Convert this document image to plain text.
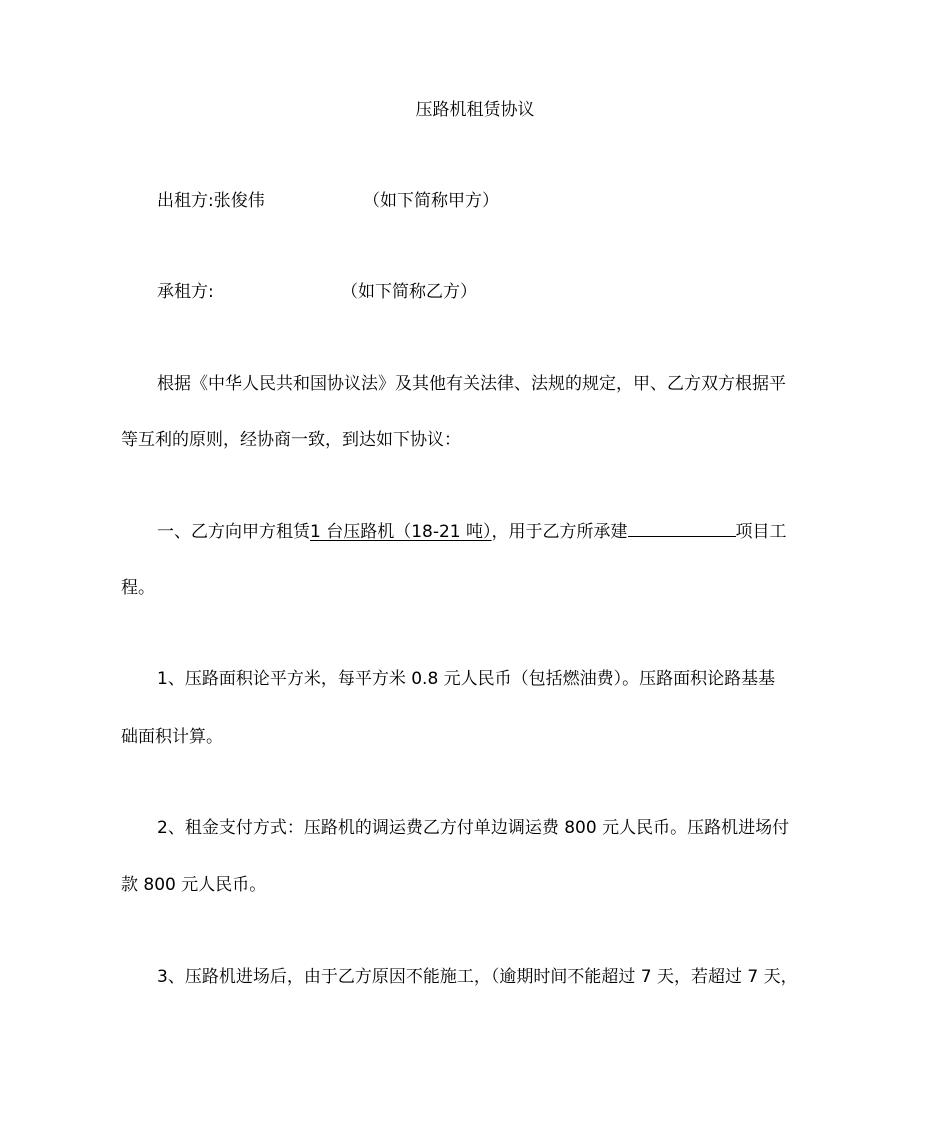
压路机租赁协议
出租方:张俊伟	（如下简称甲方）
承租方:	（如下简称乙方）
根据《中华人民共和国协议法》及其他有关法律、法规的规定，甲、乙方双方根据平
等互利的原则，经协商一致，到达如下协议：
一、乙方向甲方租赁1 台压路机（18-21 吨），用于乙方所承建	项目工
程。
1、压路面积论平方米，每平方米 0.8 元人民币（包括燃油费）。压路面积论路基基
础面积计算。
2、租金支付方式：压路机的调运费乙方付单边调运费 800 元人民币。压路机进场付
款 800 元人民币。
3、压路机进场后，由于乙方原因不能施工，（逾期时间不能超过 7 天，若超过 7 天，
